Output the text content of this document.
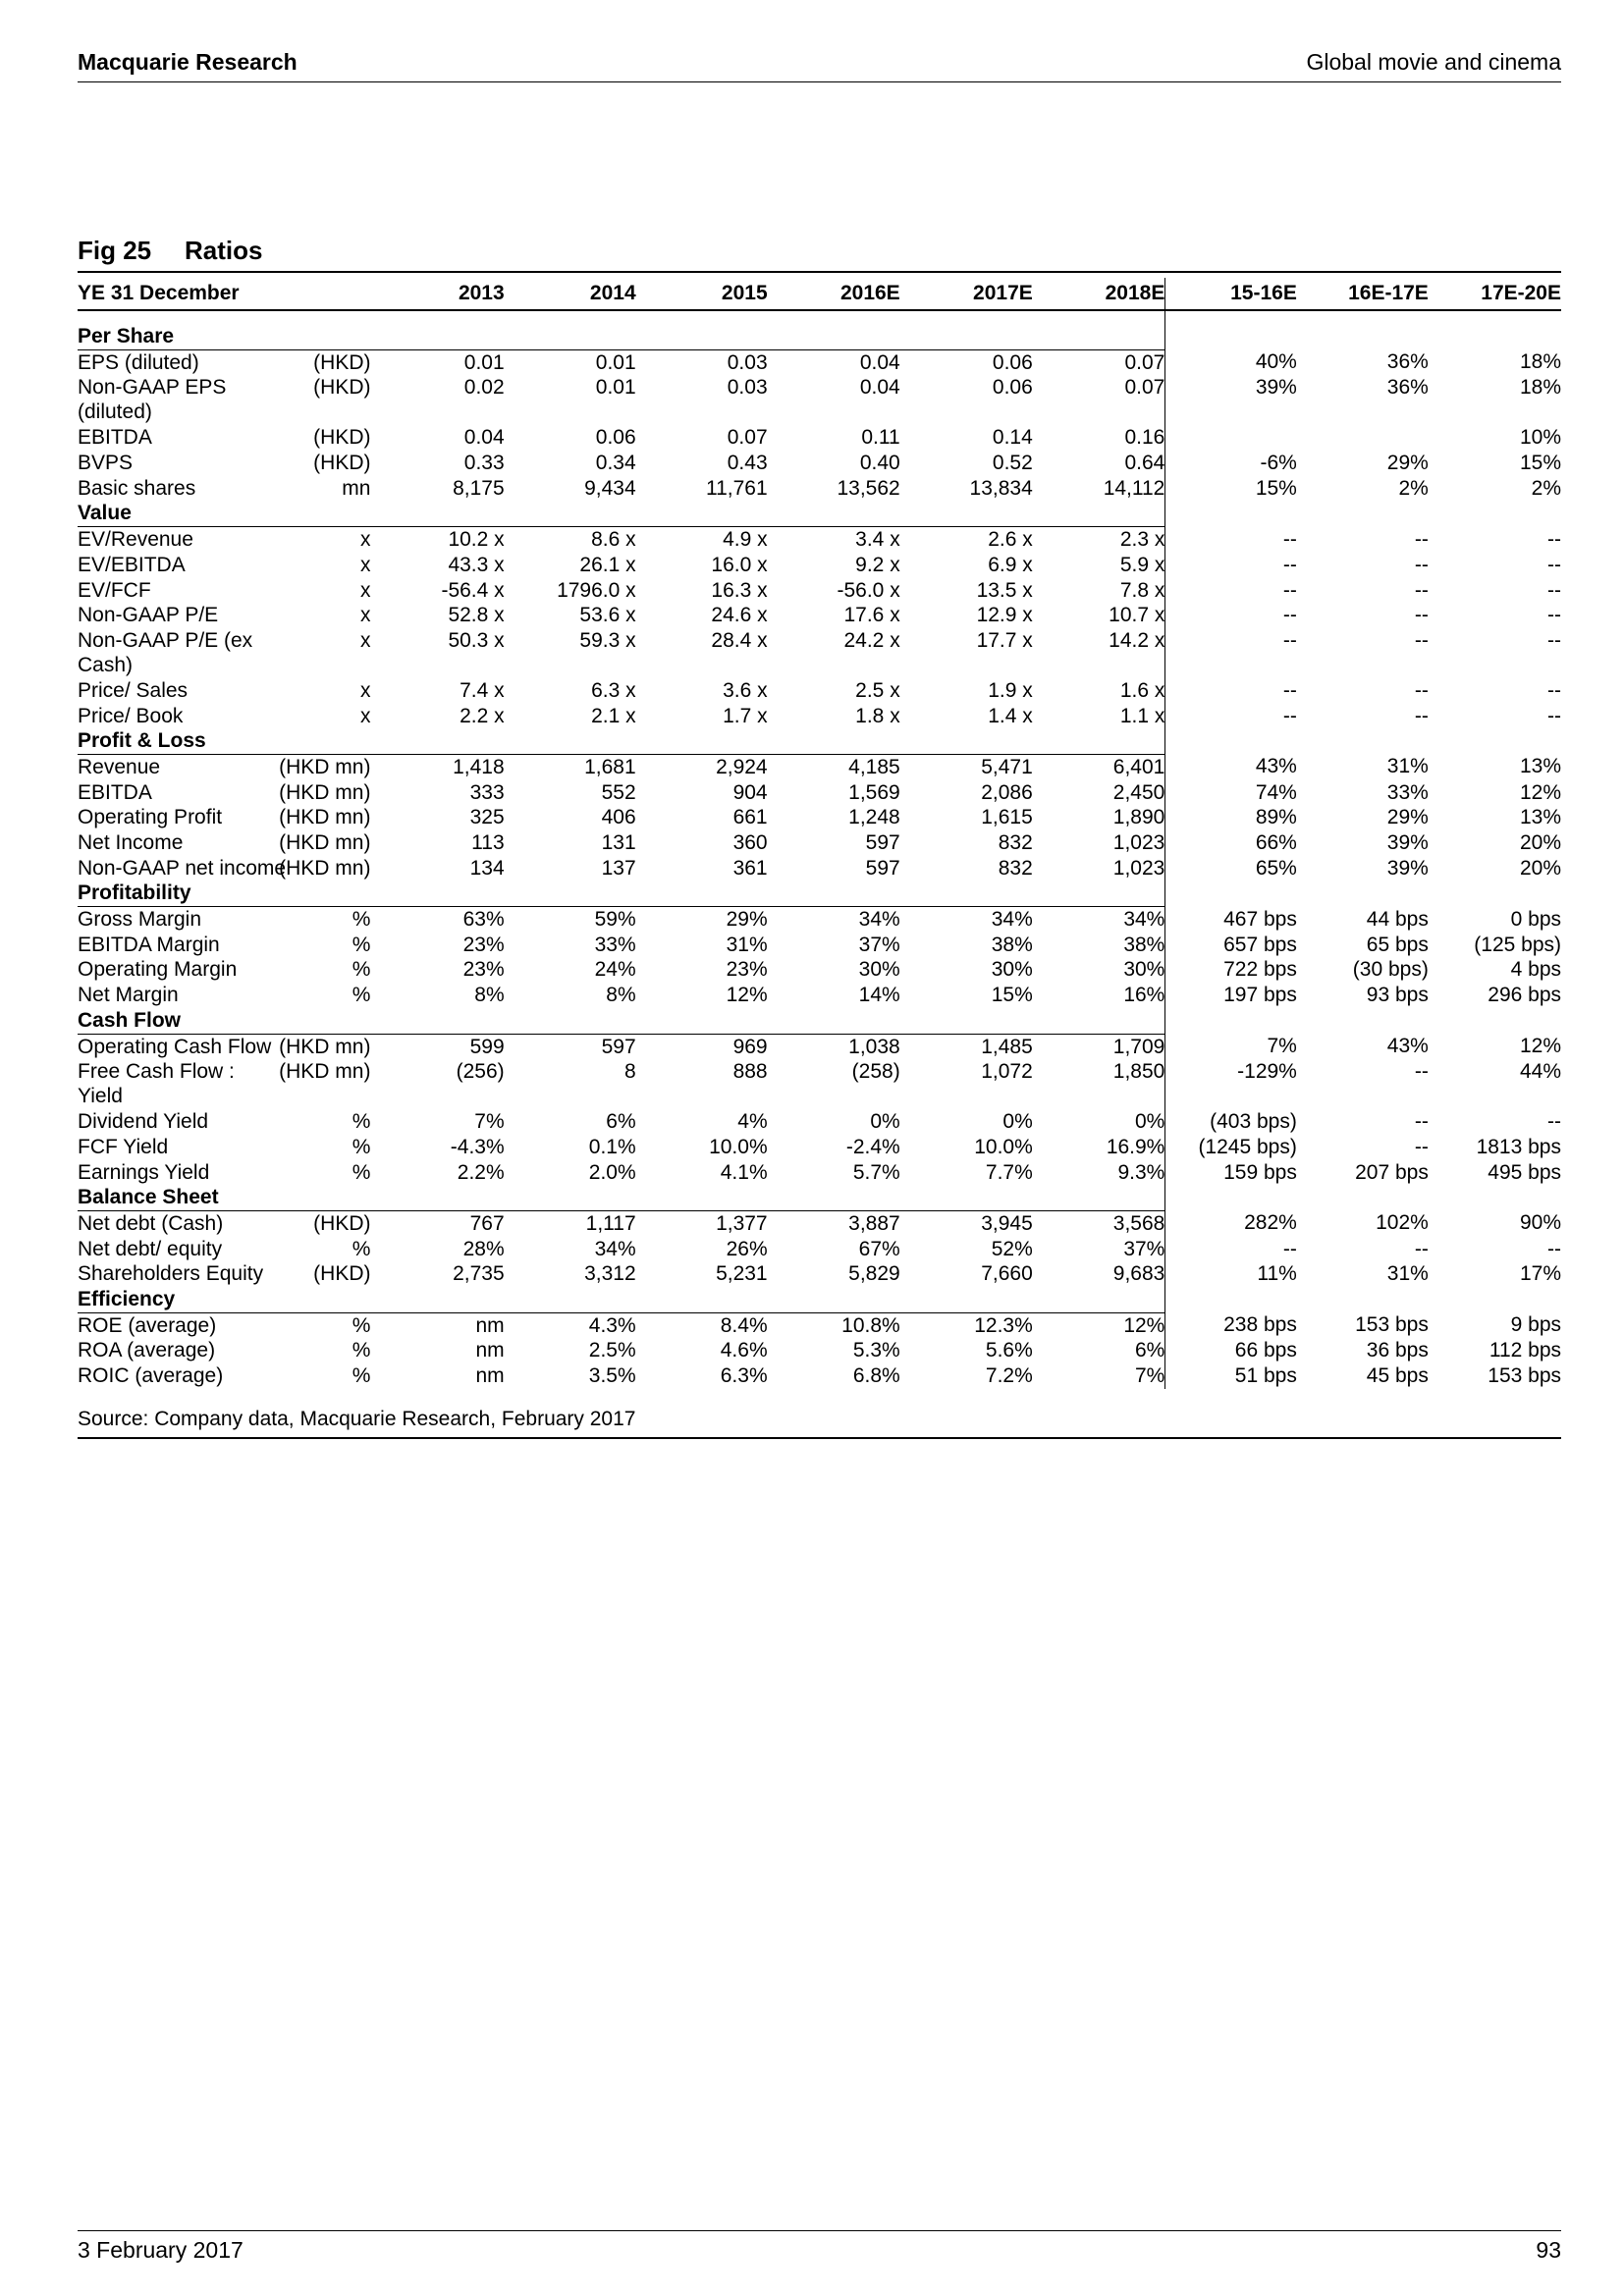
Macquarie Research	Global movie and cinema
Fig 25 Ratios
YE 31 December		2013	2014	2015	2016E	2017E	2018E	15-16E	16E-17E	17E-20E

Per Share										
EPS (diluted)	(HKD)	0.01	0.01	0.03	0.04	0.06	0.07	40%	36%	18%
Non-GAAP EPS (diluted)	(HKD)	0.02	0.01	0.03	0.04	0.06	0.07	39%	36%	18%
EBITDA	(HKD)	0.04	0.06	0.07	0.11	0.14	0.16			10%
BVPS	(HKD)	0.33	0.34	0.43	0.40	0.52	0.64	-6%	29%	15%
Basic shares	mn	8,175	9,434	11,761	13,562	13,834	14,112	15%	2%	2%
Value										
EV/Revenue	x	10.2 x	8.6 x	4.9 x	3.4 x	2.6 x	2.3 x	--	--	--
EV/EBITDA	x	43.3 x	26.1 x	16.0 x	9.2 x	6.9 x	5.9 x	--	--	--
EV/FCF	x	-56.4 x	1796.0 x	16.3 x	-56.0 x	13.5 x	7.8 x	--	--	--
Non-GAAP P/E	x	52.8 x	53.6 x	24.6 x	17.6 x	12.9 x	10.7 x	--	--	--
Non-GAAP P/E (ex Cash)	x	50.3 x	59.3 x	28.4 x	24.2 x	17.7 x	14.2 x	--	--	--
Price/ Sales	x	7.4 x	6.3 x	3.6 x	2.5 x	1.9 x	1.6 x	--	--	--
Price/ Book	x	2.2 x	2.1 x	1.7 x	1.8 x	1.4 x	1.1 x	--	--	--
Profit & Loss										
Revenue	(HKD mn)	1,418	1,681	2,924	4,185	5,471	6,401	43%	31%	13%
EBITDA	(HKD mn)	333	552	904	1,569	2,086	2,450	74%	33%	12%
Operating Profit	(HKD mn)	325	406	661	1,248	1,615	1,890	89%	29%	13%
Net Income	(HKD mn)	113	131	360	597	832	1,023	66%	39%	20%
Non-GAAP net income	(HKD mn)	134	137	361	597	832	1,023	65%	39%	20%
Profitability										
Gross Margin	%	63%	59%	29%	34%	34%	34%	467 bps	44 bps	0 bps
EBITDA Margin	%	23%	33%	31%	37%	38%	38%	657 bps	65 bps	(125 bps)
Operating Margin	%	23%	24%	23%	30%	30%	30%	722 bps	(30 bps)	4 bps
Net Margin	%	8%	8%	12%	14%	15%	16%	197 bps	93 bps	296 bps
Cash Flow										
Operating Cash Flow	(HKD mn)	599	597	969	1,038	1,485	1,709	7%	43%	12%
Free Cash Flow : Yield	(HKD mn)	(256)	8	888	(258)	1,072	1,850	-129%	--	44%
Dividend Yield	%	7%	6%	4%	0%	0%	0%	(403 bps)	--	--
FCF Yield	%	-4.3%	0.1%	10.0%	-2.4%	10.0%	16.9%	(1245 bps)	--	1813 bps
Earnings Yield	%	2.2%	2.0%	4.1%	5.7%	7.7%	9.3%	159 bps	207 bps	495 bps
Balance Sheet										
Net debt (Cash)	(HKD)	767	1,117	1,377	3,887	3,945	3,568	282%	102%	90%
Net debt/ equity	%	28%	34%	26%	67%	52%	37%	--	--	--
Shareholders Equity	(HKD)	2,735	3,312	5,231	5,829	7,660	9,683	11%	31%	17%
Efficiency										
ROE (average)	%	nm	4.3%	8.4%	10.8%	12.3%	12%	238 bps	153 bps	9 bps
ROA (average)	%	nm	2.5%	4.6%	5.3%	5.6%	6%	66 bps	36 bps	112 bps
ROIC (average)	%	nm	3.5%	6.3%	6.8%	7.2%	7%	51 bps	45 bps	153 bps
Source: Company data, Macquarie Research, February 2017
3 February 2017	93
